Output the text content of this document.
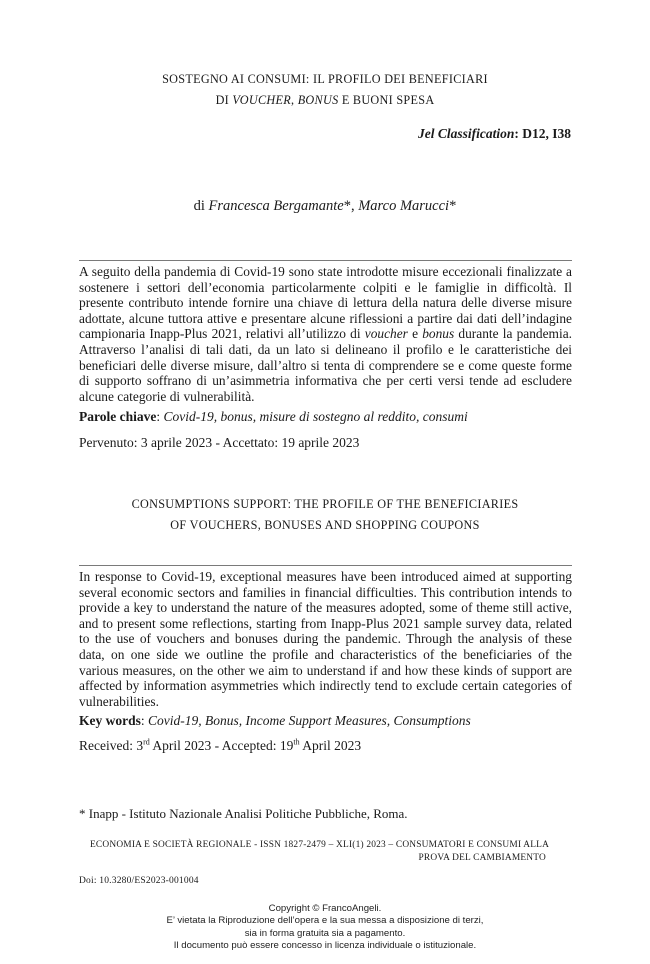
SOSTEGNO AI CONSUMI: IL PROFILO DEI BENEFICIARI
DI VOUCHER, BONUS E BUONI SPESA
Jel Classification: D12, I38
di Francesca Bergamante*, Marco Marucci*

A seguito della pandemia di Covid-19 sono state introdotte misure eccezionali finalizzate a sostenere i settori dell’economia particolarmente colpiti e le famiglie in difficoltà. Il presente contributo intende fornire una chiave di lettura della natura delle diverse misure adottate, alcune tuttora attive e presentare alcune riflessioni a partire dai dati dell’indagine campionaria Inapp-Plus 2021, relativi all’utilizzo di voucher e bonus durante la pandemia. Attraverso l’analisi di tali dati, da un lato si delineano il profilo e le caratteristiche dei beneficiari delle diverse misure, dall’altro si tenta di comprendere se e come queste forme di supporto soffrano di un’asimmetria informativa che per certi versi tende ad escludere alcune categorie di vulnerabilità.

Parole chiave: Covid-19, bonus, misure di sostegno al reddito, consumi
Pervenuto: 3 aprile 2023 - Accettato: 19 aprile 2023
CONSUMPTIONS SUPPORT: THE PROFILE OF THE BENEFICIARIES
OF VOUCHERS, BONUSES AND SHOPPING COUPONS

In response to Covid-19, exceptional measures have been introduced aimed at supporting several economic sectors and families in financial difficulties. This contribution intends to provide a key to understand the nature of the measures adopted, some of theme still active, and to present some reflections, starting from Inapp-Plus 2021 sample survey data, related to the use of vouchers and bonuses during the pandemic. Through the analysis of these data, on one side we outline the profile and characteristics of the beneficiaries of the various measures, on the other we aim to understand if and how these kinds of support are affected by information asymmetries which indirectly tend to exclude certain categories of vulnerabilities.

Key words: Covid-19, Bonus, Income Support Measures, Consumptions
Received: 3rd April 2023 - Accepted: 19th April 2023
* Inapp - Istituto Nazionale Analisi Politiche Pubbliche, Roma.
ECONOMIA E SOCIETÀ REGIONALE - ISSN 1827-2479 – XLI(1) 2023 – CONSUMATORI E CONSUMI ALLA
PROVA DEL CAMBIAMENTO
Doi: 10.3280/ES2023-001004
Copyright © FrancoAngeli.
E’ vietata la Riproduzione dell’opera e la sua messa a disposizione di terzi,
sia in forma gratuita sia a pagamento.
Il documento può essere concesso in licenza individuale o istituzionale.
